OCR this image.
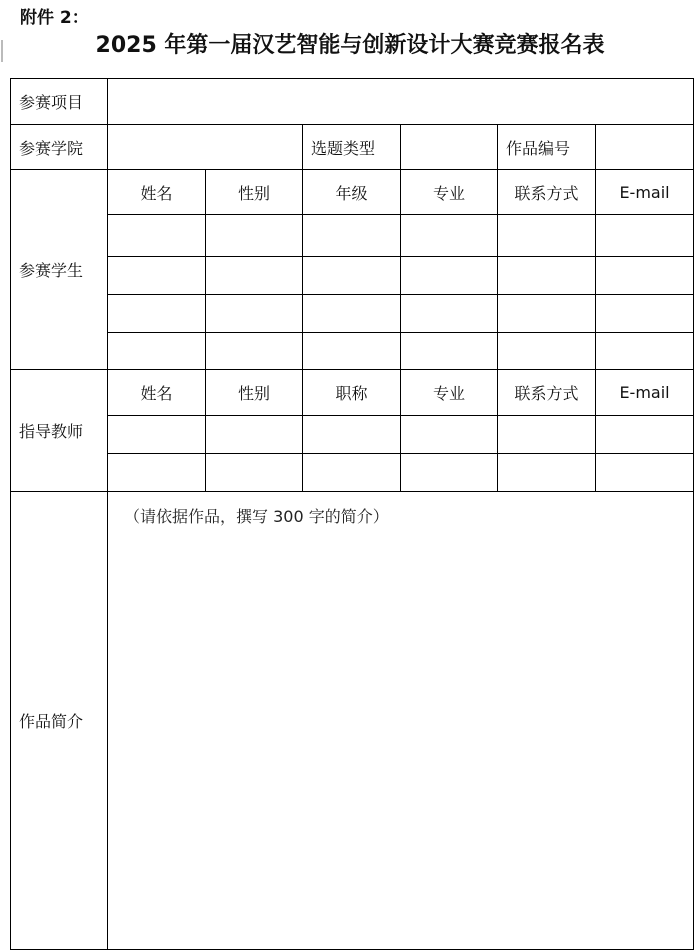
附件 2：
2025 年第一届汉艺智能与创新设计大赛竞赛报名表
参赛项目						
参赛学院			选题类型		作品编号	
参赛学生	姓名	性别	年级	专业	联系方式	E-mail

指导教师	姓名	性别	职称	专业	联系方式	E-mail

作品简介	（请依据作品，撰写 300 字的简介）					
